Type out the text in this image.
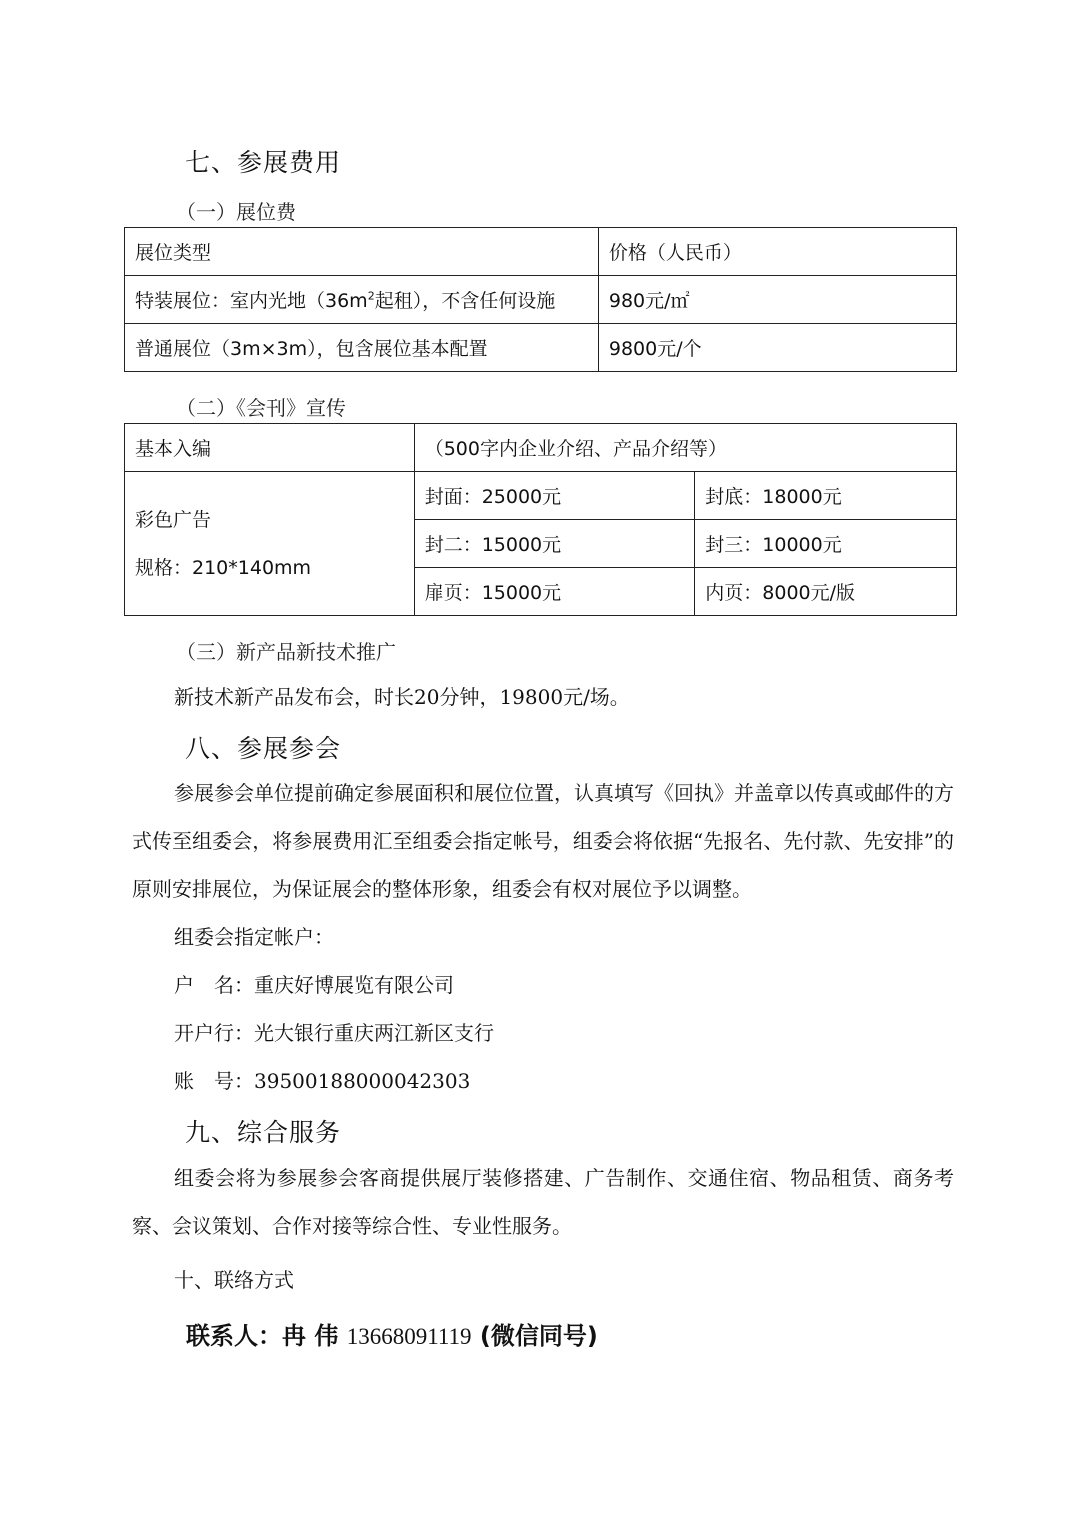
七、参展费用
（一）展位费
展位类型	价格（人民币）
特装展位：室内光地（$36m^2$起租），不含任何设施	980元/㎡
普通展位（3m×3m），包含展位基本配置	9800元/个
（二）《会刊》宣传
基本入编	（500字内企业介绍、产品介绍等）	

彩色广告
规格：210*140mm	封面：25000元	封底：18000元
	封二：15000元	封三：10000元
	扉页：15000元	内页：8000元/版
（三）新产品新技术推广
新技术新产品发布会，时长20分钟，19800元/场。
八、参展参会
参展参会单位提前确定参展面积和展位位置，认真填写《回执》并盖章以传真或邮件的方式传至组委会，将参展费用汇至组委会指定帐号，组委会将依据“先报名、先付款、先安排”的原则安排展位，为保证展会的整体形象，组委会有权对展位予以调整。
组委会指定帐户：
户　名：重庆好博展览有限公司
开户行：光大银行重庆两江新区支行
账　号：39500188000042303
九、综合服务
组委会将为参展参会客商提供展厅装修搭建、广告制作、交通住宿、物品租赁、商务考察、会议策划、合作对接等综合性、专业性服务。
十、联络方式
联系人：冉 伟 13668091119 (微信同号)
